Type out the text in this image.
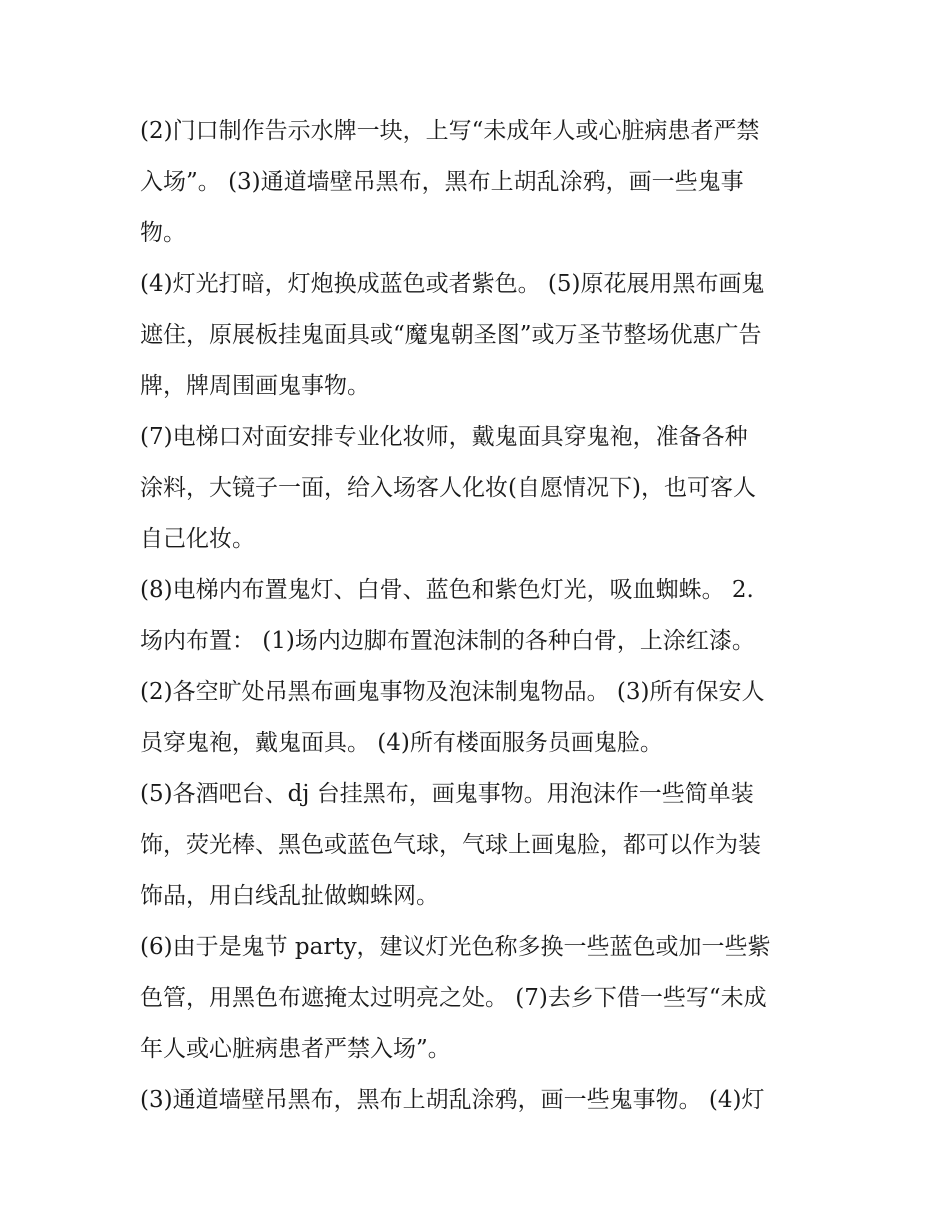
(2)门口制作告示水牌一块，上写“未成年人或心脏病患者严禁
入场”。 (3)通道墙壁吊黑布，黑布上胡乱涂鸦，画一些鬼事
物。
(4)灯光打暗，灯炮换成蓝色或者紫色。 (5)原花展用黑布画鬼
遮住，原展板挂鬼面具或“魔鬼朝圣图”或万圣节整场优惠广告
牌，牌周围画鬼事物。
(7)电梯口对面安排专业化妆师，戴鬼面具穿鬼袍，准备各种
涂料，大镜子一面，给入场客人化妆(自愿情况下)，也可客人
自己化妆。
(8)电梯内布置鬼灯、白骨、蓝色和紫色灯光，吸血蜘蛛。 2.
场内布置： (1)场内边脚布置泡沫制的各种白骨，上涂红漆。
(2)各空旷处吊黑布画鬼事物及泡沫制鬼物品。 (3)所有保安人
员穿鬼袍，戴鬼面具。 (4)所有楼面服务员画鬼脸。
(5)各酒吧台、dj 台挂黑布，画鬼事物。用泡沫作一些简单装
饰，荧光棒、黑色或蓝色气球，气球上画鬼脸，都可以作为装
饰品，用白线乱扯做蜘蛛网。
(6)由于是鬼节 party，建议灯光色称多换一些蓝色或加一些紫
色管，用黑色布遮掩太过明亮之处。 (7)去乡下借一些写“未成
年人或心脏病患者严禁入场”。
(3)通道墙壁吊黑布，黑布上胡乱涂鸦，画一些鬼事物。 (4)灯
